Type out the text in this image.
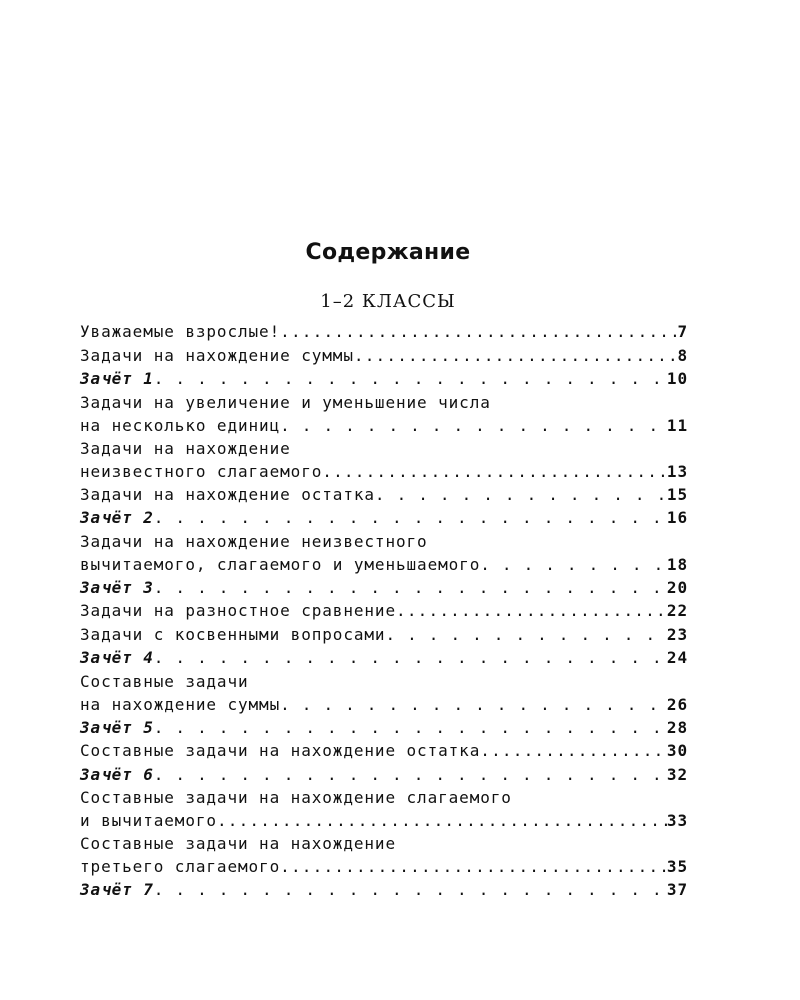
Содержание
1–2 КЛАССЫ
Уважаемые взрослые! .....	7
Задачи на нахождение суммы .....	8
Зачёт 1 . . .	10
Задачи на увеличение и уменьшение числа
на несколько единиц . . .	11
Задачи на нахождение
неизвестного слагаемого .....	13
Задачи на нахождение остатка . . .	15
Зачёт 2 . . .	16
Задачи на нахождение неизвестного
вычитаемого, слагаемого и уменьшаемого . . .	18
Зачёт 3 . . .	20
Задачи на разностное сравнение .....	22
Задачи с косвенными вопросами . . .	23
Зачёт 4 . . .	24
Составные задачи
на нахождение суммы . . .	26
Зачёт 5 . . .	28
Составные задачи на нахождение остатка .....	30
Зачёт 6 . . .	32
Составные задачи на нахождение слагаемого
и вычитаемого .....	33
Составные задачи на нахождение
третьего слагаемого .....	35
Зачёт 7 . . .	37
